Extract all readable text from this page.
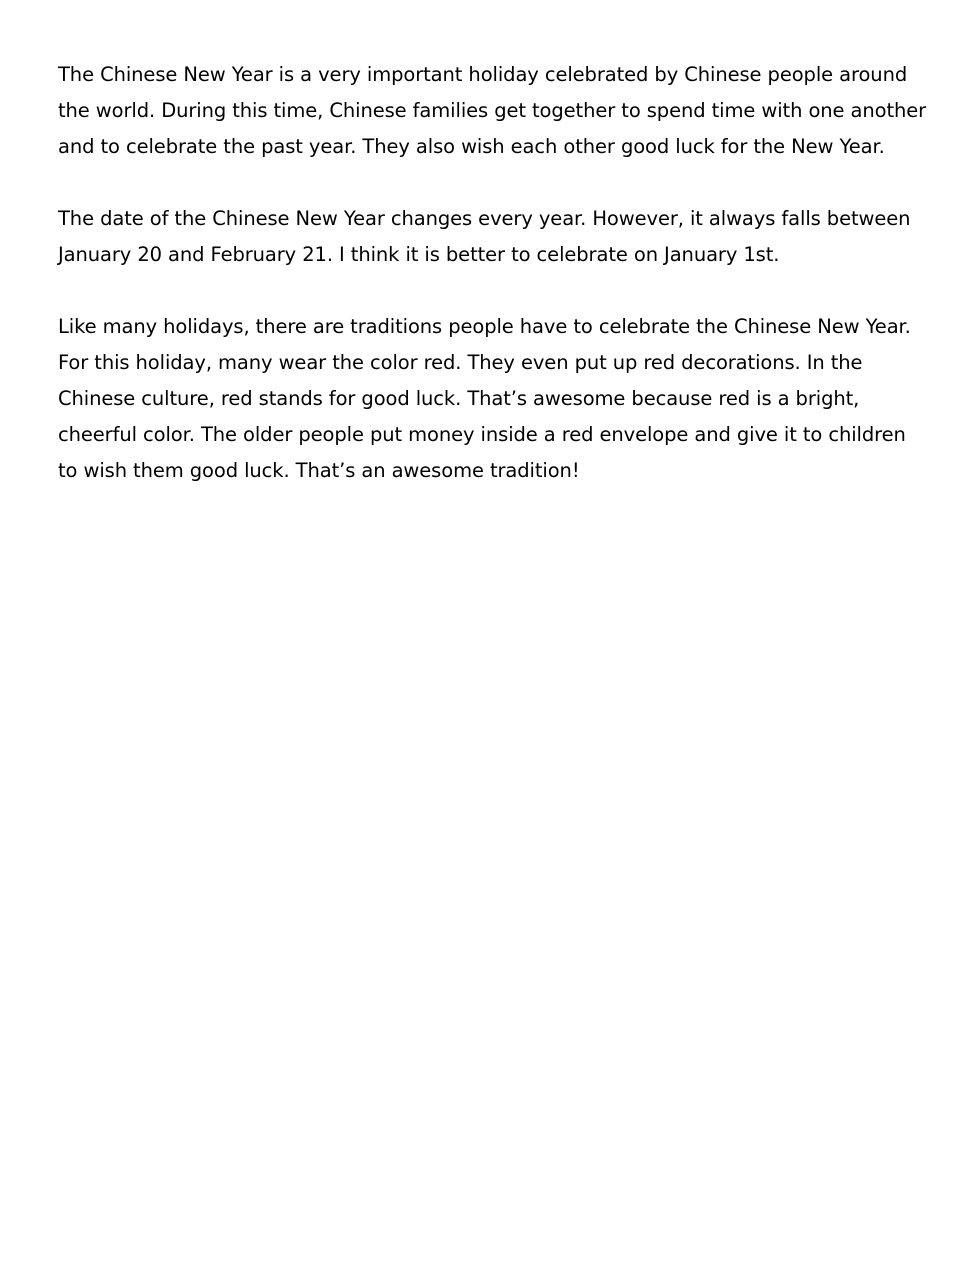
The Chinese New Year is a very important holiday celebrated by Chinese people around the world. During this time, Chinese families get together to spend time with one another and to celebrate the past year. They also wish each other good luck for the New Year.

The date of the Chinese New Year changes every year. However, it always falls between January 20 and February 21. I think it is better to celebrate on January 1st.

Like many holidays, there are traditions people have to celebrate the Chinese New Year. For this holiday, many wear the color red. They even put up red decorations. In the Chinese culture, red stands for good luck. That’s awesome because red is a bright, cheerful color. The older people put money inside a red envelope and give it to children to wish them good luck. That’s an awesome tradition!
